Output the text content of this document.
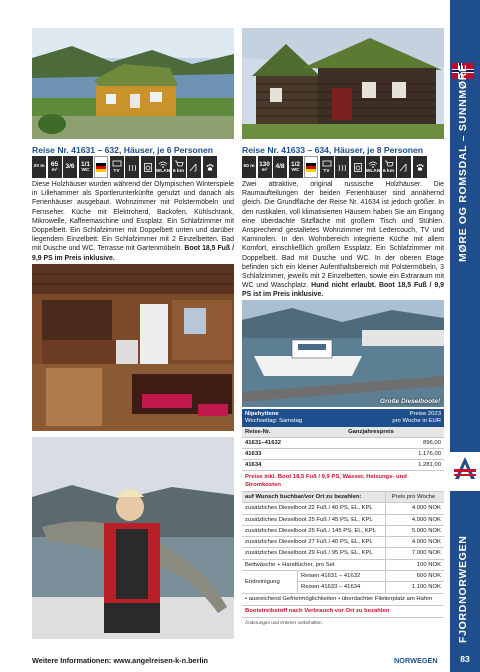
Reise Nr. 41631 – 632, Häuser, je 6 Personen	Reise Nr. 41633 – 634, Häuser, je 8 Personen
20 m 65
m²
3/6 1/1
WC	TV	WLAN 6 km
50 m 130
m²
4/8 1/2
WC	TV	WLAN 6 km
Diese Holzhäuser wurden während der Olympischen Winterspiele in Lillehammer als Sportlerunterkünfte genutzt und danach als Ferienhäuser ausgebaut. Wohnzimmer mit Polstermöbeln und Fernseher. Küche mit Elektroherd, Backofen, Kühlschrank, Mikrowelle, Kaffeemaschine und Essplatz. Ein Schlafzimmer mit Doppelbett. Ein Schlafzimmer mit Doppelbett unten und darüber liegendem Einzelbett. Ein Schlafzimmer mit 2 Einzelbetten. Bad mit Dusche und WC. Terrasse mit Gartenmöbeln. Boot 18,5 Fuß / 9,9 PS im Preis inklusive.
Zwei attraktive, original russische Holzhäuser. Die Raumaufteilungen der beiden Ferienhäuser sind annähernd gleich. Die Grundfläche der Reise Nr. 41634 ist jedoch größer. In den rustikalen, voll klimatisierten Häusern haben Sie am Eingang eine überdachte Sitzfläche mit großem Tisch und Stühlen. Ansprechend gestaltetes Wohnzimmer mit Ledercouch, TV und Kaminofen. In den Wohnbereich integrierte Küche mit allem Komfort, einschließlich großem Essplatz. Ein Schlafzimmer mit Doppelbett. Bad mit Dusche und WC. In der oberen Etage befinden sich ein kleiner Aufenthaltsbereich mit Polstermöbeln, 3 Schlafzimmer, jeweils mit 2 Einzelbetten, sowie ein Extraraum mit WC und Waschplatz. Hund nicht erlaubt. Boot 18,5 Fuß / 9,9 PS ist im Preis inklusive.
Große Dieselboote!
Nipehyttene
Wechseltag: Samstag
Preise 2023
pro Woche in EUR
Reise-Nr.	Ganzjahrespreis
41631–41632	896,00
41633	1.176,00
41634	1.281,00
Preise inkl. Boot 18,5 Fuß / 9,9 PS, Wasser, Heizungs- und Stromkosten
auf Wunsch buchbar/vor Ort zu bezahlen:	Preis pro Woche
zusätzliches Dieselboot 22 Fuß / 40 PS, EL, KPL	4.000 NOK
zusätzliches Dieselboot 25 Fuß / 45 PS, EL, KPL	4.000 NOK
zusätzliches Dieselboot 25 Fuß / 145 PS, EL, KPL	5.000 NOK
zusätzliches Dieselboot 27 Fuß / 40 PS, EL, KPL	4.000 NOK
zusätzliches Dieselboot 29 Fuß / 95 PS, EL, KPL	7.000 NOK
Bettwäsche + Handtücher, pro Set	100 NOK
Endreinigung
Reisen 41631 – 41632	600 NOK
Reisen 41633 – 41634	1.100 NOK
• ausreichend Gefriermöglichkeiten • überdachter Filetierplatz am Hafen
Bootstreibstoff nach Verbrauch vor Ort zu bezahlen
Änderungen und Irrtümer vorbehalten.
MØRE OG ROMSDAL – SUNNMØRE
FJORDNORWEGEN
Weitere Informationen: www.angelreisen-k-n.berlin	NORWEGEN	83
